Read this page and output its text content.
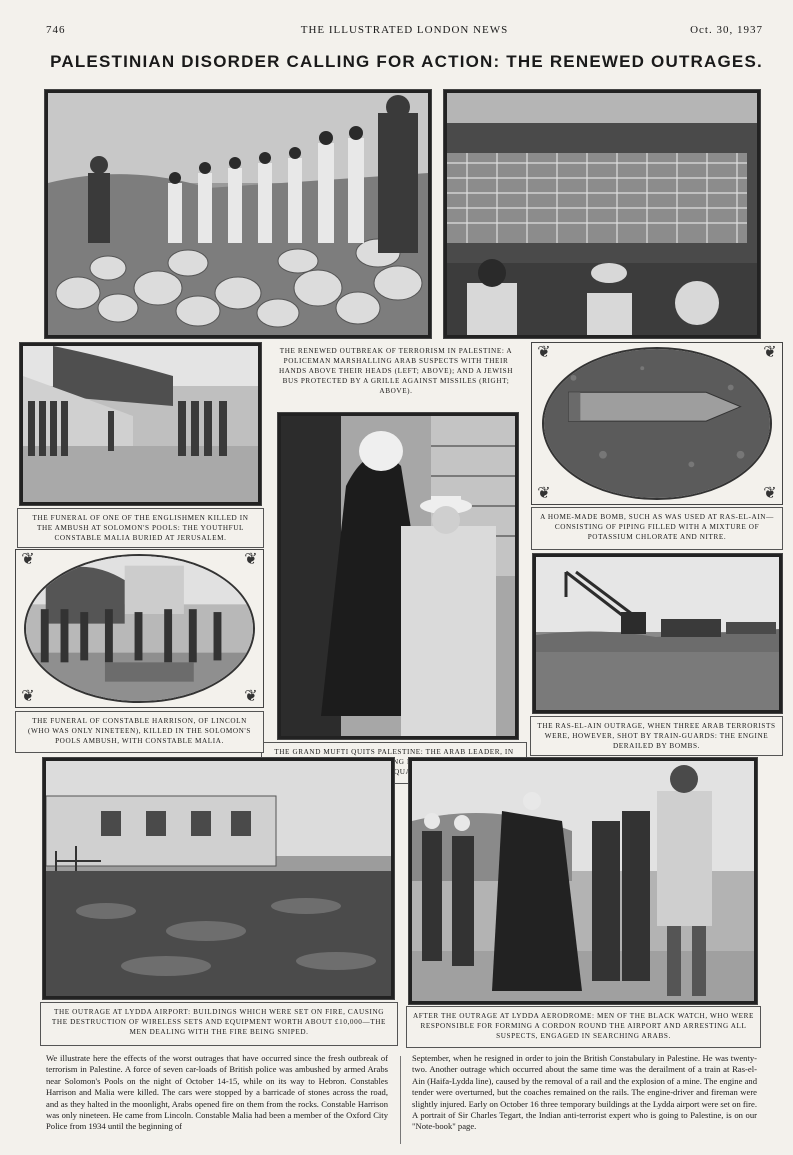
746	THE ILLUSTRATED LONDON NEWS	Oct. 30, 1937
PALESTINIAN DISORDER CALLING FOR ACTION: THE RENEWED OUTRAGES.
THE FUNERAL OF ONE OF THE ENGLISHMEN KILLED IN THE AMBUSH AT SOLOMON'S POOLS: THE YOUTHFUL CONSTABLE MALIA BURIED AT JERUSALEM.
THE RENEWED OUTBREAK OF TERRORISM IN PALESTINE: A POLICEMAN MARSHALLING ARAB SUSPECTS WITH THEIR HANDS ABOVE THEIR HEADS (LEFT; ABOVE); AND A JEWISH BUS PROTECTED BY A GRILLE AGAINST MISSILES (RIGHT; ABOVE).
❦	❦
❦	❦
A HOME-MADE BOMB, SUCH AS WAS USED AT RAS-EL-AIN—CONSISTING OF PIPING FILLED WITH A MIXTURE OF POTASSIUM CHLORATE AND NITRE.
THE GRAND MUFTI QUITS PALESTINE: THE ARAB LEADER, IN HEADQUARTERS
❦	❦
❦	❦
THE FUNERAL OF CONSTABLE HARRISON, OF LINCOLN (WHO WAS ONLY NINETEEN), KILLED IN THE SOLOMON'S POOLS AMBUSH, WITH CONSTABLE MALIA.
THE RAS-EL-AIN OUTRAGE, WHEN THREE ARAB TERRORISTS WERE, HOWEVER, SHOT BY TRAIN-GUARDS: THE ENGINE DERAILED BY BOMBS.
THE OUTRAGE AT LYDDA AIRPORT: BUILDINGS WHICH WERE SET ON FIRE, CAUSING THE DESTRUCTION OF WIRELESS SETS AND EQUIPMENT WORTH ABOUT £10,000—THE MEN DEALING WITH THE FIRE BEING SNIPED.
AFTER THE OUTRAGE AT LYDDA AERODROME: MEN OF THE BLACK WATCH, WHO WERE RESPONSIBLE FOR FORMING A CORDON ROUND THE AIRPORT AND ARRESTING ALL SUSPECTS, ENGAGED IN SEARCHING ARABS.
We illustrate here the effects of the worst outrages that have occurred since the fresh outbreak of terrorism in Palestine. A force of seven car-loads of British police was ambushed by armed Arabs near Solomon's Pools on the night of October 14-15, while on its way to Hebron. Constables Harrison and Malia were killed. The cars were stopped by a barricade of stones across the road, and as they halted in the moonlight, Arabs opened fire on them from the rocks. Constable Harrison was only nineteen. He came from Lincoln. Constable Malia had been a member of the Oxford City Police from 1934 until the beginning of
September, when he resigned in order to join the British Constabulary in Palestine. He was twenty-two. Another outrage which occurred about the same time was the derailment of a train at Ras-el-Ain (Haifa-Lydda line), caused by the removal of a rail and the explosion of a mine. The engine and tender were overturned, but the coaches remained on the rails. The engine-driver and fireman were slightly injured. Early on October 16 three temporary buildings at the Lydda airport were set on fire. A portrait of Sir Charles Tegart, the Indian anti-terrorist expert who is going to Palestine, is on our "Note-book" page.
